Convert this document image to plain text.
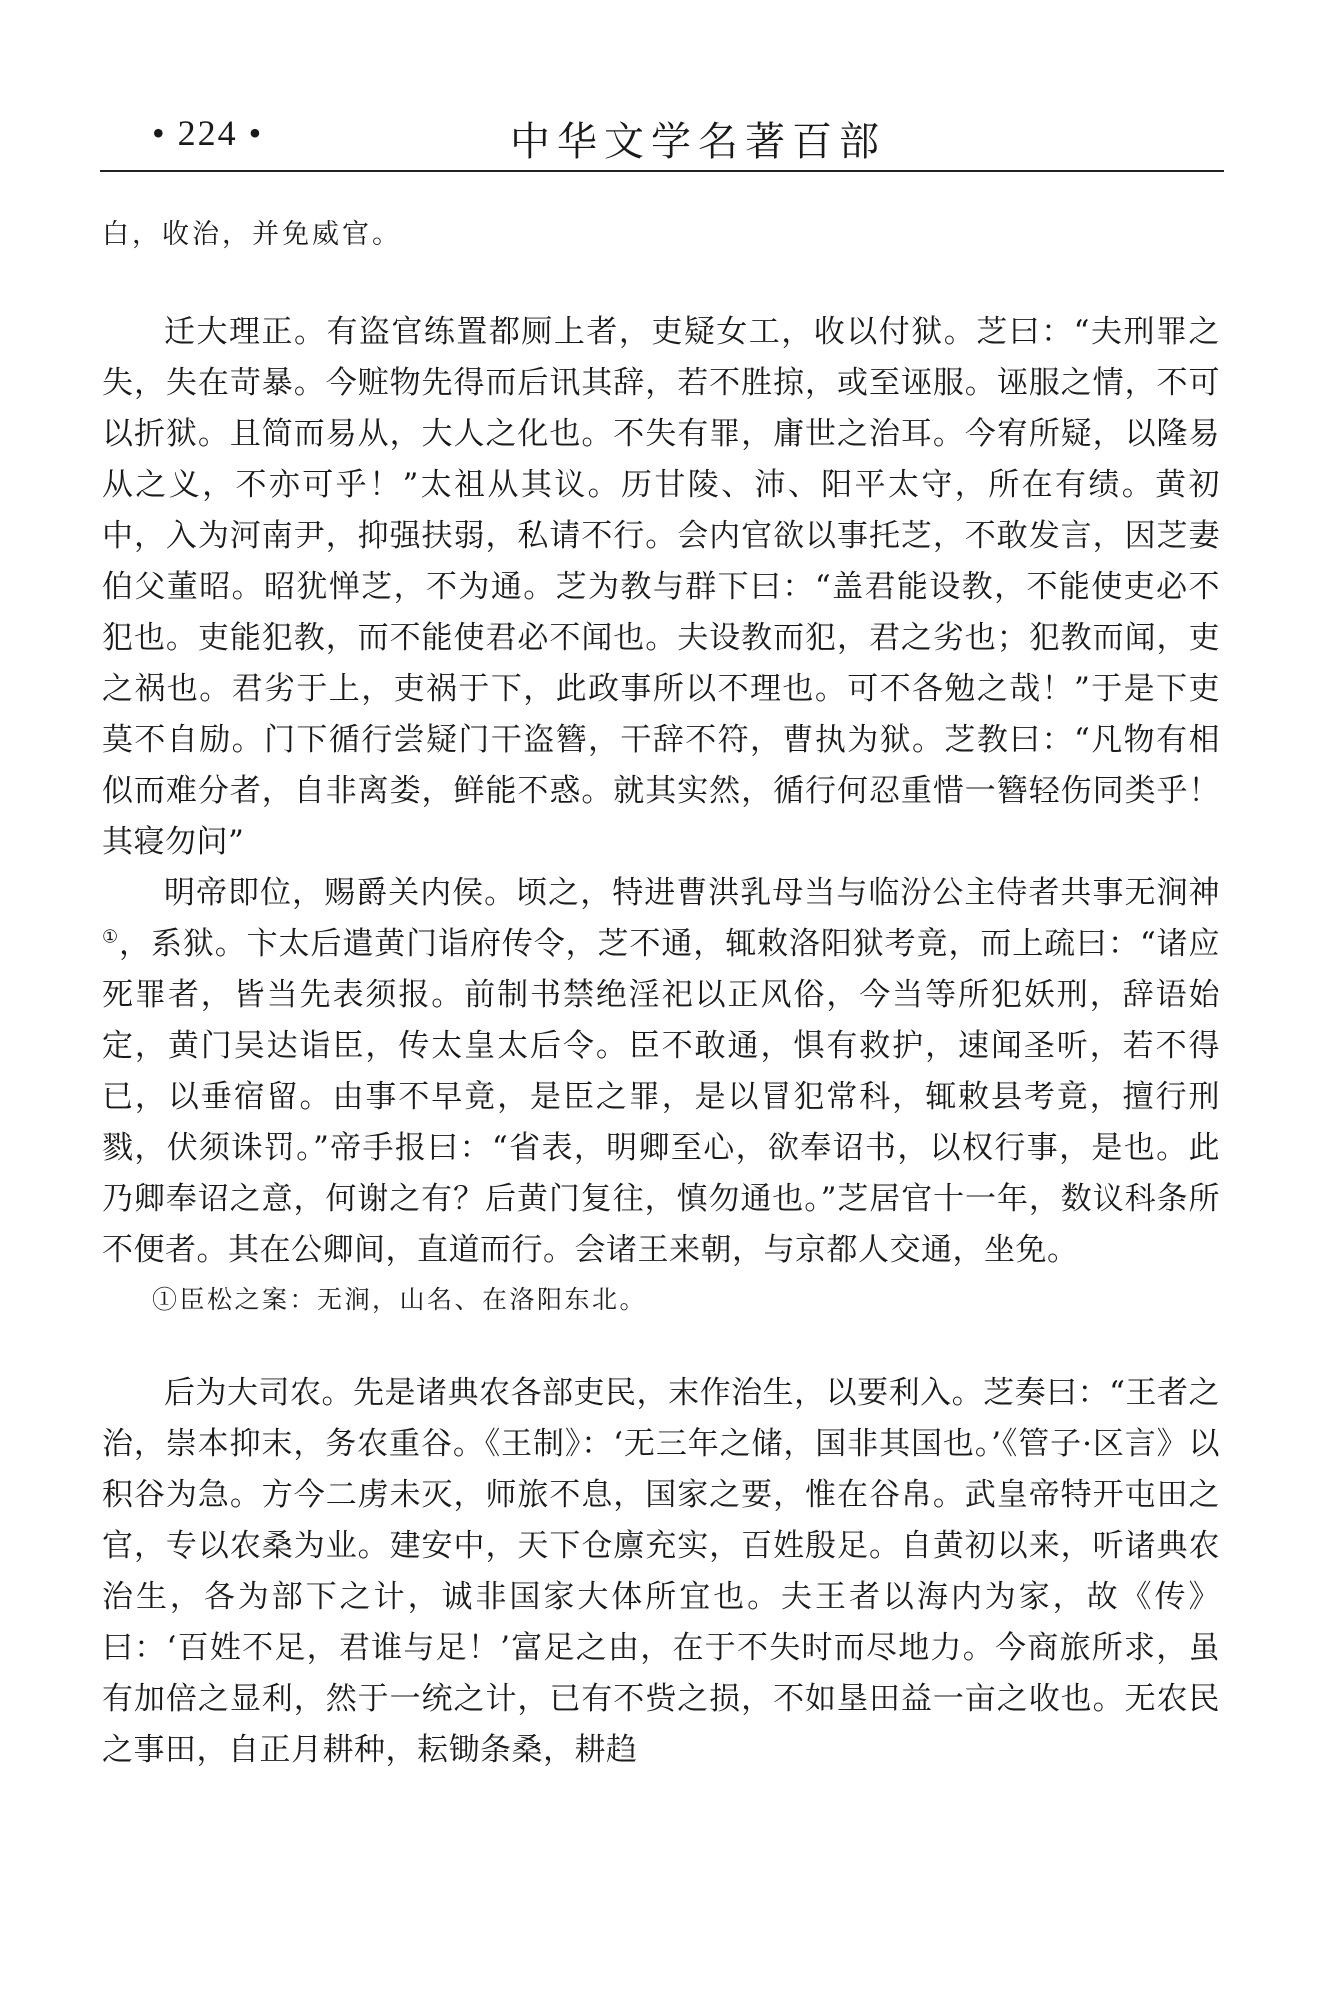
• 224 •	中华文学名著百部

白，收治，并免威官。

迁大理正。有盗官练置都厕上者，吏疑女工，收以付狱。芝曰：“夫刑罪之失，失在苛暴。今赃物先得而后讯其辞，若不胜掠，或至诬服。诬服之情，不可以折狱。且简而易从，大人之化也。不失有罪，庸世之治耳。今宥所疑，以隆易从之义，不亦可乎！”太祖从其议。历甘陵、沛、阳平太守，所在有绩。黄初中，入为河南尹，抑强扶弱，私请不行。会内官欲以事托芝，不敢发言，因芝妻伯父董昭。昭犹惮芝，不为通。芝为教与群下曰：“盖君能设教，不能使吏必不犯也。吏能犯教，而不能使君必不闻也。夫设教而犯，君之劣也；犯教而闻，吏之祸也。君劣于上，吏祸于下，此政事所以不理也。可不各勉之哉！”于是下吏莫不自励。门下循行尝疑门干盗簪，干辞不符，曹执为狱。芝教曰：“凡物有相似而难分者，自非离娄，鲜能不惑。就其实然，循行何忍重惜一簪轻伤同类乎！其寝勿问”

明帝即位，赐爵关内侯。顷之，特进曹洪乳母当与临汾公主侍者共事无涧神①，系狱。卞太后遣黄门诣府传令，芝不通，辄敕洛阳狱考竟，而上疏曰：“诸应死罪者，皆当先表须报。前制书禁绝淫祀以正风俗，今当等所犯妖刑，辞语始定，黄门吴达诣臣，传太皇太后令。臣不敢通，惧有救护，速闻圣听，若不得已，以垂宿留。由事不早竟，是臣之罪，是以冒犯常科，辄敕县考竟，擅行刑戮，伏须诛罚。”帝手报曰：“省表，明卿至心，欲奉诏书，以权行事，是也。此乃卿奉诏之意，何谢之有？后黄门复往，慎勿通也。”芝居官十一年，数议科条所不便者。其在公卿间，直道而行。会诸王来朝，与京都人交通，坐免。

①臣松之案：无涧，山名、在洛阳东北。

后为大司农。先是诸典农各部吏民，末作治生，以要利入。芝奏曰：“王者之治，崇本抑末，务农重谷。《王制》：‘无三年之储，国非其国也。’《管子·区言》以积谷为急。方今二虏未灭，师旅不息，国家之要，惟在谷帛。武皇帝特开屯田之官，专以农桑为业。建安中，天下仓廪充实，百姓殷足。自黄初以来，听诸典农治生，各为部下之计，诚非国家大体所宜也。夫王者以海内为家，故《传》曰：‘百姓不足，君谁与足！’富足之由，在于不失时而尽地力。今商旅所求，虽有加倍之显利，然于一统之计，已有不赀之损，不如垦田益一亩之收也。无农民之事田，自正月耕种，耘锄条桑，耕趋
